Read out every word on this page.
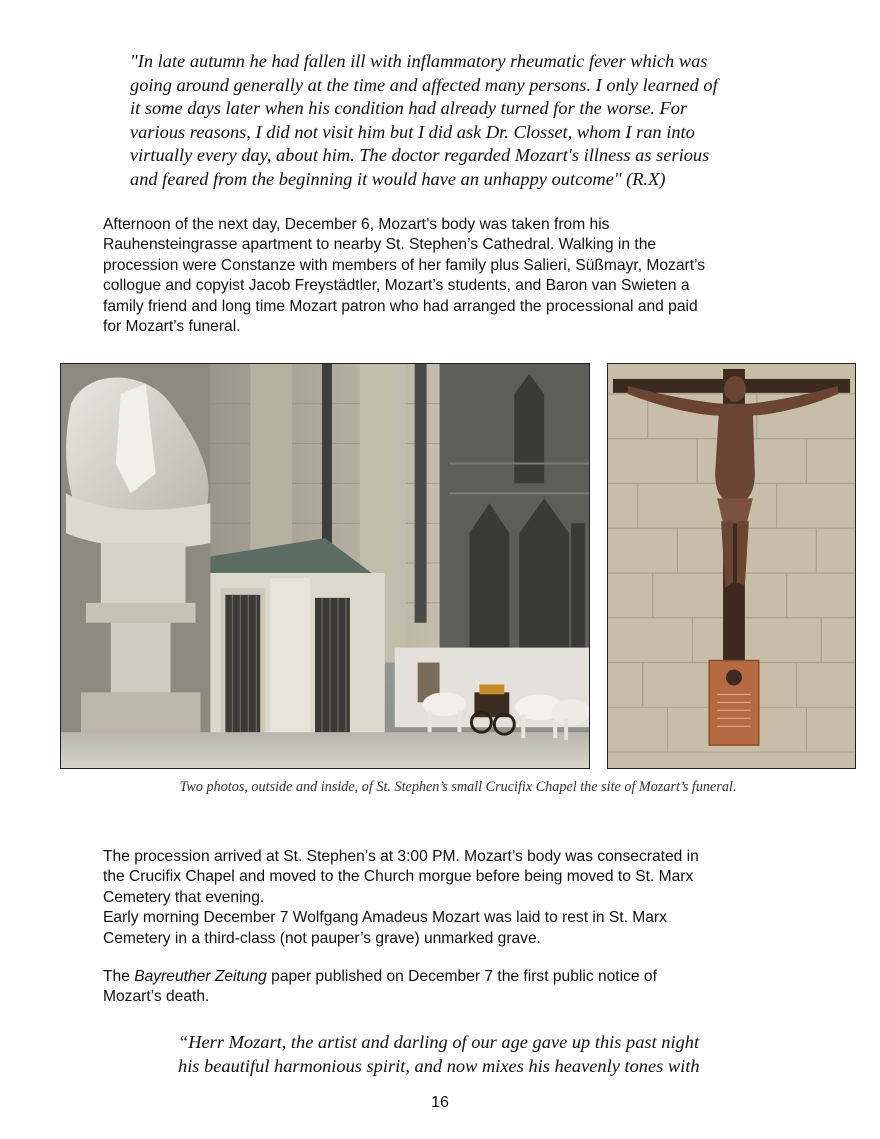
"In late autumn he had fallen ill with inflammatory rheumatic fever which was
going around generally at the time and affected many persons. I only learned of
it some days later when his condition had already turned for the worse. For
various reasons, I did not visit him but I did ask Dr. Closset, whom I ran into
virtually every day, about him. The doctor regarded Mozart's illness as serious
and feared from the beginning it would have an unhappy outcome" (R.X)

Afternoon of the next day, December 6, Mozart’s body was taken from his
Rauhensteingrasse apartment to nearby St. Stephen’s Cathedral. Walking in the
procession were Constanze with members of her family plus Salieri, Süßmayr, Mozart’s
collogue and copyist Jacob Freystädtler, Mozart’s students, and Baron van Swieten a
family friend and long time Mozart patron who had arranged the processional and paid
for Mozart’s funeral.

Two photos, outside and inside, of St. Stephen’s small Crucifix Chapel the site of Mozart’s funeral.

The procession arrived at St. Stephen’s at 3:00 PM. Mozart’s body was consecrated in
the Crucifix Chapel and moved to the Church morgue before being moved to St. Marx
Cemetery that evening.
Early morning December 7 Wolfgang Amadeus Mozart was laid to rest in St. Marx
Cemetery in a third-class (not pauper’s grave) unmarked grave.

The Bayreuther Zeitung paper published on December 7 the first public notice of
Mozart’s death.

“Herr Mozart, the artist and darling of our age gave up this past night
his beautiful harmonious spirit, and now mixes his heavenly tones with

16
